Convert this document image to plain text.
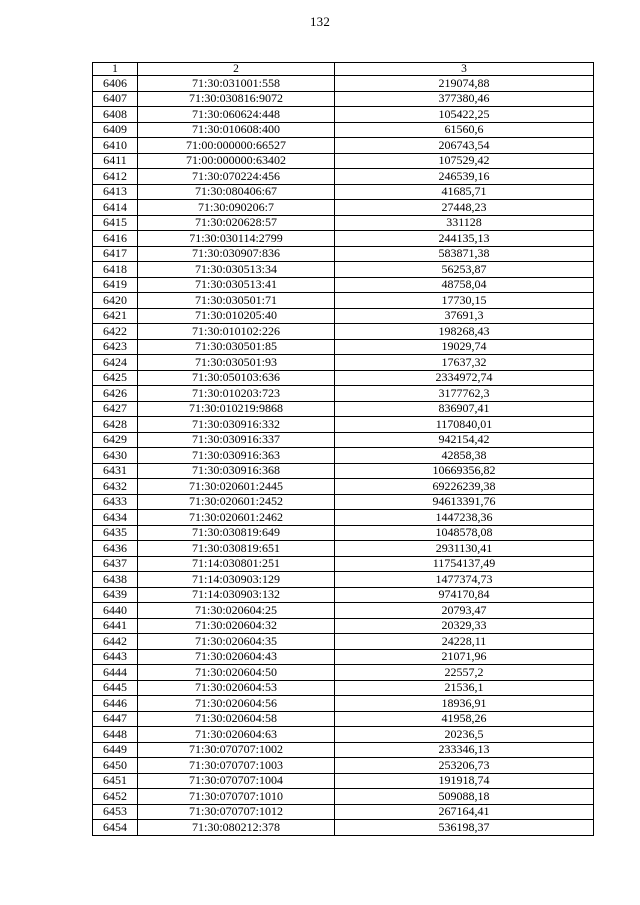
132
1	2	3
6406	71:30:031001:558	219074,88
6407	71:30:030816:9072	377380,46
6408	71:30:060624:448	105422,25
6409	71:30:010608:400	61560,6
6410	71:00:000000:66527	206743,54
6411	71:00:000000:63402	107529,42
6412	71:30:070224:456	246539,16
6413	71:30:080406:67	41685,71
6414	71:30:090206:7	27448,23
6415	71:30:020628:57	331128
6416	71:30:030114:2799	244135,13
6417	71:30:030907:836	583871,38
6418	71:30:030513:34	56253,87
6419	71:30:030513:41	48758,04
6420	71:30:030501:71	17730,15
6421	71:30:010205:40	37691,3
6422	71:30:010102:226	198268,43
6423	71:30:030501:85	19029,74
6424	71:30:030501:93	17637,32
6425	71:30:050103:636	2334972,74
6426	71:30:010203:723	3177762,3
6427	71:30:010219:9868	836907,41
6428	71:30:030916:332	1170840,01
6429	71:30:030916:337	942154,42
6430	71:30:030916:363	42858,38
6431	71:30:030916:368	10669356,82
6432	71:30:020601:2445	69226239,38
6433	71:30:020601:2452	94613391,76
6434	71:30:020601:2462	1447238,36
6435	71:30:030819:649	1048578,08
6436	71:30:030819:651	2931130,41
6437	71:14:030801:251	11754137,49
6438	71:14:030903:129	1477374,73
6439	71:14:030903:132	974170,84
6440	71:30:020604:25	20793,47
6441	71:30:020604:32	20329,33
6442	71:30:020604:35	24228,11
6443	71:30:020604:43	21071,96
6444	71:30:020604:50	22557,2
6445	71:30:020604:53	21536,1
6446	71:30:020604:56	18936,91
6447	71:30:020604:58	41958,26
6448	71:30:020604:63	20236,5
6449	71:30:070707:1002	233346,13
6450	71:30:070707:1003	253206,73
6451	71:30:070707:1004	191918,74
6452	71:30:070707:1010	509088,18
6453	71:30:070707:1012	267164,41
6454	71:30:080212:378	536198,37
